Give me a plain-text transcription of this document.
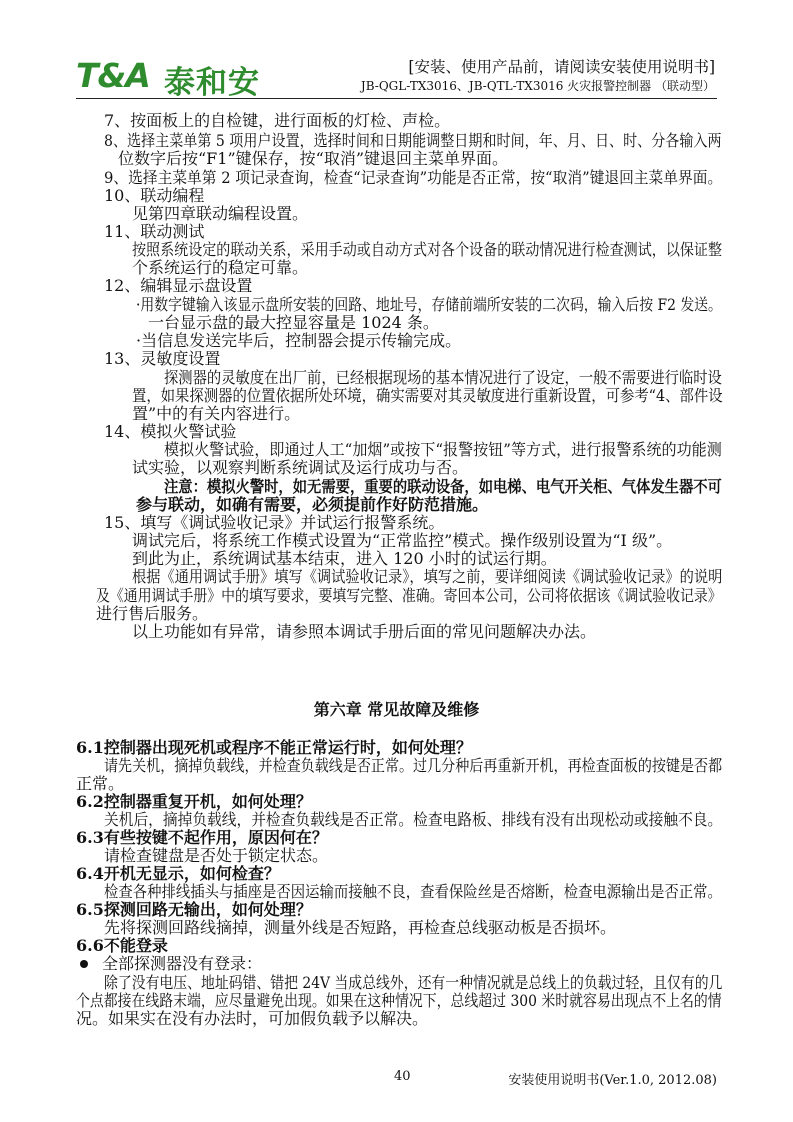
T&A 泰和安	[安装、使用产品前，请阅读安装使用说明书]
JB-QGL-TX3016、JB-QTL-TX3016 火灾报警控制器 （联动型）
7、按面板上的自检键，进行面板的灯检、声检。
8、选择主菜单第 5 项用户设置，选择时间和日期能调整日期和时间，年、月、日、时、分各输入两
位数字后按“F1”键保存，按“取消”键退回主菜单界面。
9、选择主菜单第 2 项记录查询，检查“记录查询”功能是否正常，按“取消”键退回主菜单界面。
10、联动编程
见第四章联动编程设置。
11、联动测试
按照系统设定的联动关系，采用手动或自动方式对各个设备的联动情况进行检查测试，以保证整
个系统运行的稳定可靠。
12、编辑显示盘设置
·用数字键输入该显示盘所安装的回路、地址号，存储前端所安装的二次码，输入后按 F2 发送。
一台显示盘的最大控显容量是 1024 条。
·当信息发送完毕后，控制器会提示传输完成。
13、灵敏度设置
探测器的灵敏度在出厂前，已经根据现场的基本情况进行了设定，一般不需要进行临时设
置，如果探测器的位置依据所处环境，确实需要对其灵敏度进行重新设置，可参考“4、部件设
置”中的有关内容进行。
14、模拟火警试验
模拟火警试验，即通过人工“加烟”或按下“报警按钮”等方式，进行报警系统的功能测
试实验，以观察判断系统调试及运行成功与否。
注意：模拟火警时，如无需要，重要的联动设备，如电梯、电气开关柜、气体发生器不可
参与联动，如确有需要，必须提前作好防范措施。
15、填写《调试验收记录》并试运行报警系统。
调试完后，将系统工作模式设置为“正常监控”模式。操作级别设置为“I 级”。
到此为止，系统调试基本结束，进入 120 小时的试运行期。
根据《通用调试手册》填写《调试验收记录》，填写之前，要详细阅读《调试验收记录》的说明
及《通用调试手册》中的填写要求，要填写完整、准确。寄回本公司，公司将依据该《调试验收记录》
进行售后服务。
以上功能如有异常，请参照本调试手册后面的常见问题解决办法。
第六章 常见故障及维修
6.1控制器出现死机或程序不能正常运行时，如何处理？
请先关机，摘掉负载线，并检查负载线是否正常。过几分种后再重新开机，再检查面板的按键是否都
正常。
6.2控制器重复开机，如何处理？
关机后，摘掉负载线，并检查负载线是否正常。检查电路板、排线有没有出现松动或接触不良。
6.3有些按键不起作用，原因何在？
请检查键盘是否处于锁定状态。
6.4开机无显示，如何检查？
检查各种排线插头与插座是否因运输而接触不良，查看保险丝是否熔断，检查电源输出是否正常。
6.5探测回路无输出，如何处理？
先将探测回路线摘掉，测量外线是否短路，再检查总线驱动板是否损坏。
6.6不能登录
全部探测器没有登录：
除了没有电压、地址码错、错把 24V 当成总线外，还有一种情况就是总线上的负载过轻，且仅有的几
个点都接在线路末端，应尽量避免出现。如果在这种情况下，总线超过 300 米时就容易出现点不上名的情
况。如果实在没有办法时，可加假负载予以解决。
40	安装使用说明书(Ver.1.0, 2012.08)
